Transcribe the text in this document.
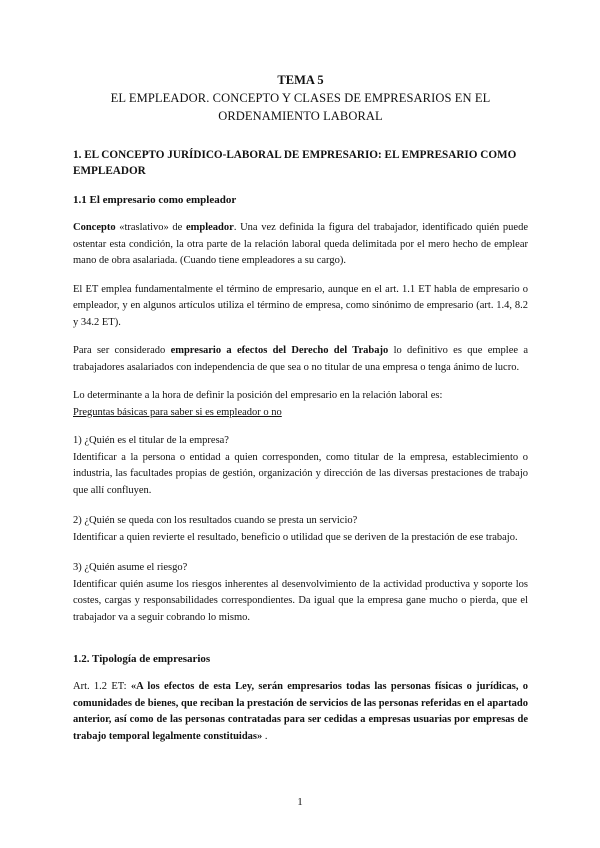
TEMA 5
EL EMPLEADOR. CONCEPTO Y CLASES DE EMPRESARIOS EN EL
ORDENAMIENTO LABORAL
1. EL CONCEPTO JURÍDICO-LABORAL DE EMPRESARIO: EL EMPRESARIO COMO EMPLEADOR
1.1 El empresario como empleador

Concepto «traslativo» de empleador. Una vez definida la figura del trabajador, identificado quién puede ostentar esta condición, la otra parte de la relación laboral queda delimitada por el mero hecho de emplear mano de obra asalariada. (Cuando tiene empleadores a su cargo).

El ET emplea fundamentalmente el término de empresario, aunque en el art. 1.1 ET habla de empresario o empleador, y en algunos artículos utiliza el término de empresa, como sinónimo de empresario (art. 1.4, 8.2 y 34.2 ET).

Para ser considerado empresario a efectos del Derecho del Trabajo lo definitivo es que emplee a trabajadores asalariados con independencia de que sea o no titular de una empresa o tenga ánimo de lucro.

Lo determinante a la hora de definir la posición del empresario en la relación laboral es:

Preguntas básicas para saber si es empleador o no

1) ¿Quién es el titular de la empresa?

Identificar a la persona o entidad a quien corresponden, como titular de la empresa, establecimiento o industria, las facultades propias de gestión, organización y dirección de las diversas prestaciones de trabajo que allí confluyen.

2) ¿Quién se queda con los resultados cuando se presta un servicio?

Identificar a quien revierte el resultado, beneficio o utilidad que se deriven de la prestación de ese trabajo.

3) ¿Quién asume el riesgo?

Identificar quién asume los riesgos inherentes al desenvolvimiento de la actividad productiva y soporte los costes, cargas y responsabilidades correspondientes. Da igual que la empresa gane mucho o pierda, que el trabajador va a seguir cobrando lo mismo.

1.2. Tipología de empresarios

Art. 1.2 ET: «A los efectos de esta Ley, serán empresarios todas las personas físicas o jurídicas, o comunidades de bienes, que reciban la prestación de servicios de las personas referidas en el apartado anterior, así como de las personas contratadas para ser cedidas a empresas usuarias por empresas de trabajo temporal legalmente constituidas» .

1
